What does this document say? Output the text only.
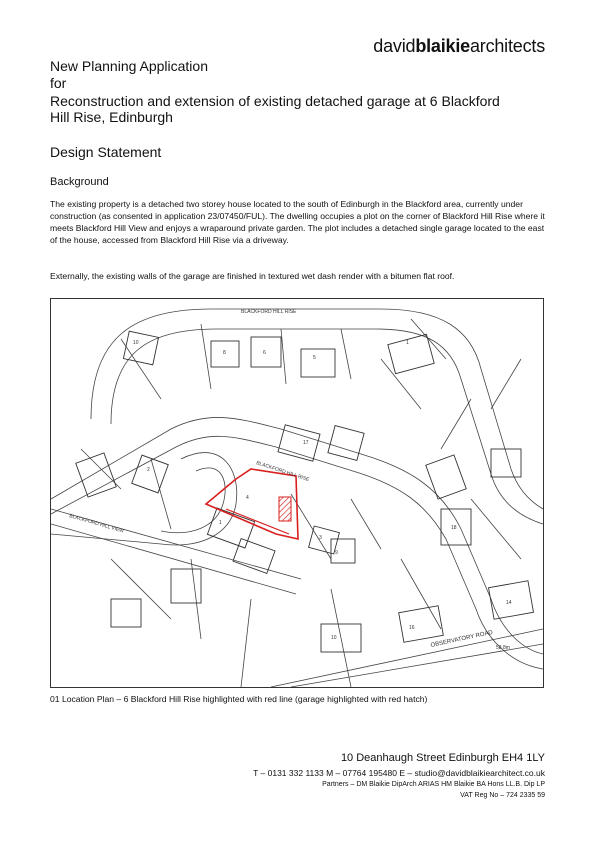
davidblaikiearchitects
New Planning Application
for
Reconstruction and extension of existing detached garage at 6 Blackford
Hill Rise, Edinburgh
Design Statement
Background
The existing property is a detached two storey house located to the south of Edinburgh in the Blackford area, currently under construction (as consented in application 23/07450/FUL). The dwelling occupies a plot on the corner of Blackford Hill Rise where it meets Blackford Hill View and enjoys a wraparound private garden. The plot includes a detached single garage located to the east of the house, accessed from Blackford Hill Rise via a driveway.
Externally, the existing walls of the garage are finished in textured wet dash render with a bitumen flat roof.
BLACKFORD HILL RISE
BLACKFORD HILL RISE
BLACKFORD HILL VIEW
OBSERVATORY ROAD 58.8m
10
8	6
5
1
2
17
4
1
3
18
14
16
9
10
01 Location Plan – 6 Blackford Hill Rise highlighted with red line (garage highlighted with red hatch)
10 Deanhaugh Street Edinburgh EH4 1LY
T – 0131 332 1133 M – 07764 195480 E – studio@davidblaikiearchitect.co.uk
Partners – DM Blaikie DipArch ARIAS HM Blaikie BA Hons LL.B. Dip LP
VAT Reg No – 724 2335 59
